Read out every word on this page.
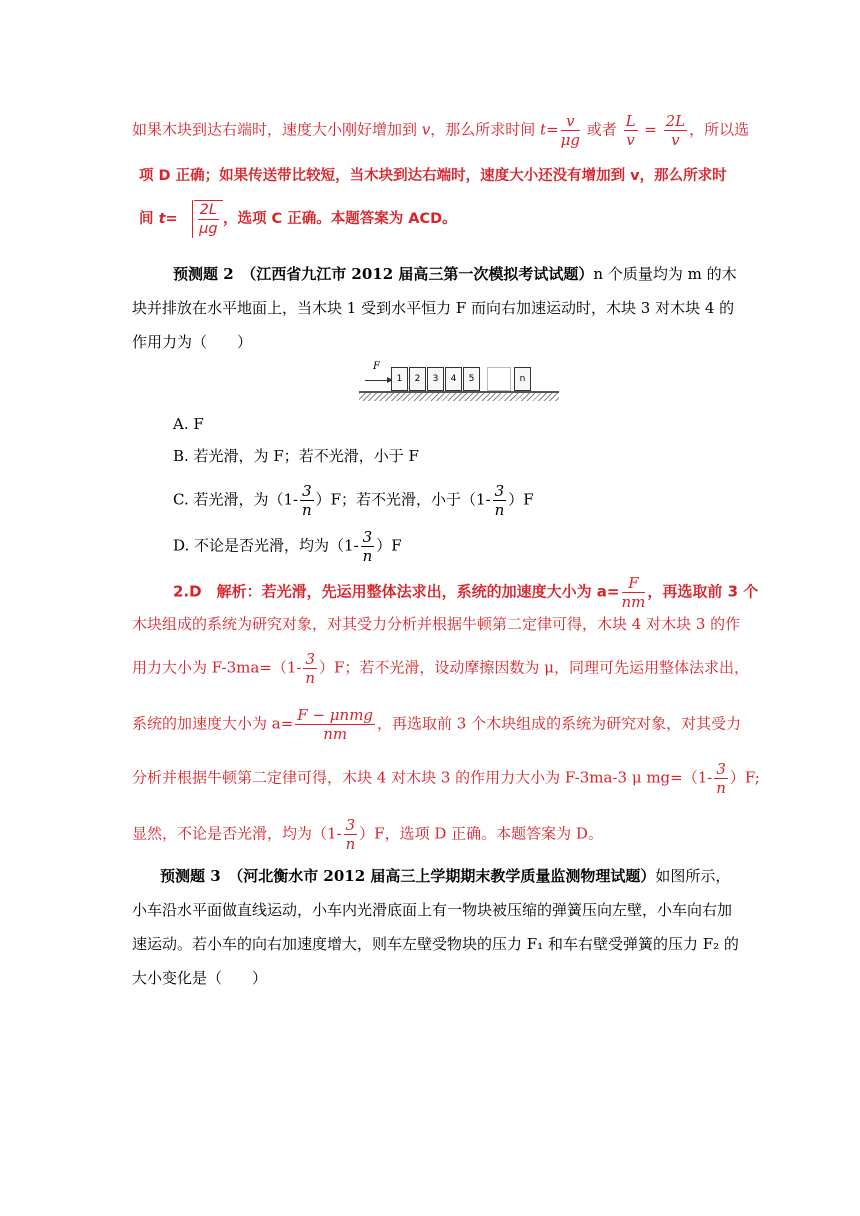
如果木块到达右端时，速度大小刚好增加到 v，那么所求时间 $t= \frac{v}{\mu g}$ 或者 $\frac{L}{v} = \frac{2L}{v}$ ，所以选
项 D 正确；如果传送带比较短，当木块到达右端时，速度大小还没有增加到 v，那么所求时
间 $t= \frac{2L}{\mu g}$ ，选项 C 正确。本题答案为 ACD。
预测题 2　 （江西省九江市 2012 届高三第一次模拟考试试题）n 个质量均为 m 的木
块并排放在水平地面上，当木块 1 受到水平恒力 F 而向右加速运动时，木块 3 对木块 4 的
作用力为（　　）
F
1	2	3	4	5	n
A. F
B. 若光滑，为 F；若不光滑，小于 F
C. 若光滑，为$(1- \frac{3}{n} )F$；若不光滑，小于$(1- \frac{3}{n} )F$
D. 不论是否光滑，均为$(1- \frac{3}{n} )F$
2.D　解析：若光滑，先运用整体法求出，系统的加速度大小为 $a= \frac{F}{nm}$ ，再选取前 3 个
木块组成的系统为研究对象，对其受力分析并根据牛顿第二定律可得，木块 4 对木块 3 的作
用力大小为 $F-3ma=(1- \frac{3}{n} )F$；若不光滑，设动摩擦因数为 μ，同理可先运用整体法求出，
系统的加速度大小为 $a= \frac{\text{F − μnmg}}{nm}$ ，再选取前 3 个木块组成的系统为研究对象，对其受力
分析并根据牛顿第二定律可得，木块 4 对木块 3 的作用力大小为 F-3ma-3 μ $mg=(1- \frac{3}{n} )F$;
显然，不论是否光滑，均为$(1- \frac{3}{n} )F$，选项 D 正确。本题答案为 D。
预测题 3　 （河北衡水市 2012 届高三上学期期末教学质量监测物理试题）如图所示，
小车沿水平面做直线运动，小车内光滑底面上有一物块被压缩的弹簧压向左壁，小车向右加
速运动。若小车的向右加速度增大，则车左壁受物块的压力 F₁ 和车右壁受弹簧的压力 F₂ 的
大小变化是（　　）
